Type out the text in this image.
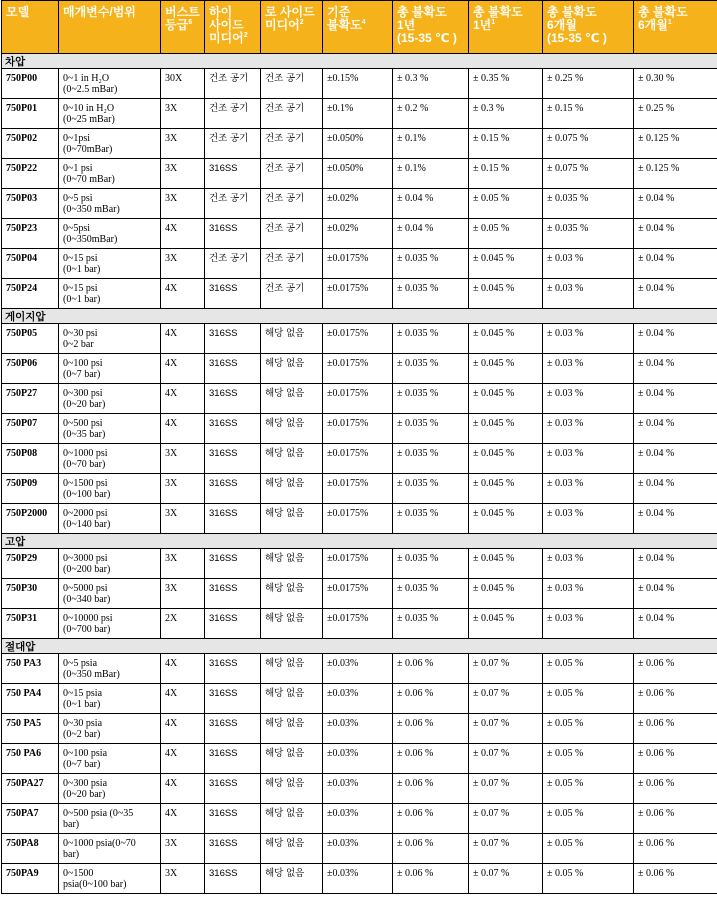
모델	매개변수/범위	버스트
등급$^6$	하이
사이드
미디어$^2$	로 사이드
미디어$^2$	기준
불확도$^4$	총 불확도
1년
(15-35 ℃ )	총 불확도
1년$^1$	총 불확도
6개월
(15-35 ℃ )	총 불확도
6개월$^1$
차압									
750P00	0~1 in H₂O
(0~2.5 mBar)	30X	건조 공기	건조 공기	±0.15%	± 0.3 %	± 0.35 %	± 0.25 %	± 0.30 %
750P01	0~10 in H₂O
(0~25 mBar)	3X	건조 공기	건조 공기	±0.1%	± 0.2 %	± 0.3 %	± 0.15 %	± 0.25 %
750P02	0~1psi
(0~70mBar)	3X	건조 공기	건조 공기	±0.050%	± 0.1%	± 0.15 %	± 0.075 %	± 0.125 %
750P22	0~1 psi
(0~70 mBar)	3X	316SS	건조 공기	±0.050%	± 0.1%	± 0.15 %	± 0.075 %	± 0.125 %
750P03	0~5 psi
(0~350 mBar)	3X	건조 공기	건조 공기	±0.02%	± 0.04 %	± 0.05 %	± 0.035 %	± 0.04 %
750P23	0~5psi
(0~350mBar)	4X	316SS	건조 공기	±0.02%	± 0.04 %	± 0.05 %	± 0.035 %	± 0.04 %
750P04	0~15 psi
(0~1 bar)	3X	건조 공기	건조 공기	±0.0175%	± 0.035 %	± 0.045 %	± 0.03 %	± 0.04 %
750P24	0~15 psi
(0~1 bar)	4X	316SS	건조 공기	±0.0175%	± 0.035 %	± 0.045 %	± 0.03 %	± 0.04 %
게이지압									
750P05	0~30 psi
0~2 bar	4X	316SS	해당 없음	±0.0175%	± 0.035 %	± 0.045 %	± 0.03 %	± 0.04 %
750P06	0~100 psi
(0~7 bar)	4X	316SS	해당 없음	±0.0175%	± 0.035 %	± 0.045 %	± 0.03 %	± 0.04 %
750P27	0~300 psi
(0~20 bar)	4X	316SS	해당 없음	±0.0175%	± 0.035 %	± 0.045 %	± 0.03 %	± 0.04 %
750P07	0~500 psi
(0~35 bar)	4X	316SS	해당 없음	±0.0175%	± 0.035 %	± 0.045 %	± 0.03 %	± 0.04 %
750P08	0~1000 psi
(0~70 bar)	3X	316SS	해당 없음	±0.0175%	± 0.035 %	± 0.045 %	± 0.03 %	± 0.04 %
750P09	0~1500 psi
(0~100 bar)	3X	316SS	해당 없음	±0.0175%	± 0.035 %	± 0.045 %	± 0.03 %	± 0.04 %
750P2000	0~2000 psi
(0~140 bar)	3X	316SS	해당 없음	±0.0175%	± 0.035 %	± 0.045 %	± 0.03 %	± 0.04 %
고압									
750P29	0~3000 psi
(0~200 bar)	3X	316SS	해당 없음	±0.0175%	± 0.035 %	± 0.045 %	± 0.03 %	± 0.04 %
750P30	0~5000 psi
(0~340 bar)	3X	316SS	해당 없음	±0.0175%	± 0.035 %	± 0.045 %	± 0.03 %	± 0.04 %
750P31	0~10000 psi
(0~700 bar)	2X	316SS	해당 없음	±0.0175%	± 0.035 %	± 0.045 %	± 0.03 %	± 0.04 %
절대압									
750 PA3	0~5 psia
(0~350 mBar)	4X	316SS	해당 없음	±0.03%	± 0.06 %	± 0.07 %	± 0.05 %	± 0.06 %
750 PA4	0~15 psia
(0~1 bar)	4X	316SS	해당 없음	±0.03%	± 0.06 %	± 0.07 %	± 0.05 %	± 0.06 %
750 PA5	0~30 psia
(0~2 bar)	4X	316SS	해당 없음	±0.03%	± 0.06 %	± 0.07 %	± 0.05 %	± 0.06 %
750 PA6	0~100 psia
(0~7 bar)	4X	316SS	해당 없음	±0.03%	± 0.06 %	± 0.07 %	± 0.05 %	± 0.06 %
750PA27	0~300 psia
(0~20 bar)	4X	316SS	해당 없음	±0.03%	± 0.06 %	± 0.07 %	± 0.05 %	± 0.06 %
750PA7	0~500 psia (0~35
bar)	4X	316SS	해당 없음	±0.03%	± 0.06 %	± 0.07 %	± 0.05 %	± 0.06 %
750PA8	0~1000 psia(0~70
bar)	3X	316SS	해당 없음	±0.03%	± 0.06 %	± 0.07 %	± 0.05 %	± 0.06 %
750PA9	0~1500
psia(0~100 bar)	3X	316SS	해당 없음	±0.03%	± 0.06 %	± 0.07 %	± 0.05 %	± 0.06 %
